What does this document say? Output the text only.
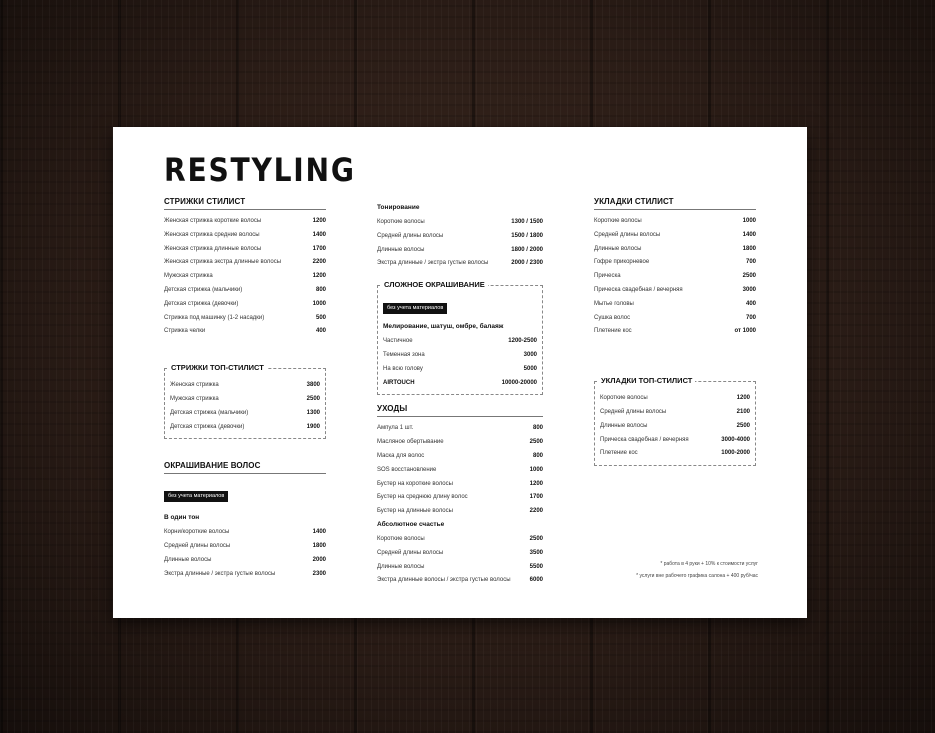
RESTYLING
СТРИЖКИ СТИЛИСТ
Женская стрижка короткие волосы	1200
Женская стрижка средние волосы	1400
Женская стрижка длинные волосы	1700
Женская стрижка экстра длинные волосы	2200
Мужская стрижка	1200
Детская стрижка (мальчики)	800
Детская стрижка (девочки)	1000
Стрижка под машинку (1-2 насадки)	500
Стрижка челки	400
СТРИЖКИ ТОП-СТИЛИСТ
Женская стрижка	3800
Мужская стрижка	2500
Детская стрижка (мальчики)	1300
Детская стрижка (девочки)	1900
ОКРАШИВАНИЕ ВОЛОС
без учета материалов
В один тон
Корни/короткие волосы	1400
Средней длины волосы	1800
Длинные волосы	2000
Экстра длинные / экстра густые волосы	2300
Тонирование
Короткие волосы	1300 / 1500
Средней длины волосы	1500 / 1800
Длинные волосы	1800 / 2000
Экстра длинные / экстра густые волосы	2000 / 2300
СЛОЖНОЕ ОКРАШИВАНИЕ
без учета материалов
Мелирование, шатуш, омбре, балаяж
Частичное	1200-2500
Теменная зона	3000
На всю голову	5000
AIRTOUCH	10000-20000
УХОДЫ
Ампула 1 шт.	800
Масляное обертывание	2500
Маска для волос	800
SOS восстановление	1000
Бустер на короткие волосы	1200
Бустер на среднюю длину волос	1700
Бустер на длинные волосы	2200
Абсолютное счастье
Короткие волосы	2500
Средней длины волосы	3500
Длинные волосы	5500
Экстра длинные волосы / экстра густые волосы	6000
УКЛАДКИ СТИЛИСТ
Короткие волосы	1000
Средней длины волосы	1400
Длинные волосы	1800
Гофре прикорневое	700
Прическа	2500
Прическа свадебная / вечерняя	3000
Мытье головы	400
Сушка волос	700
Плетение кос	от 1000
УКЛАДКИ ТОП-СТИЛИСТ
Короткие волосы	1200
Средней длины волосы	2100
Длинные волосы	2500
Прическа свадебная / вечерняя	3000-4000
Плетение кос	1000-2000
* работа в 4 руки + 10% к стоимости услуг
* услуги вне рабочего графика салона + 400 руб/час
